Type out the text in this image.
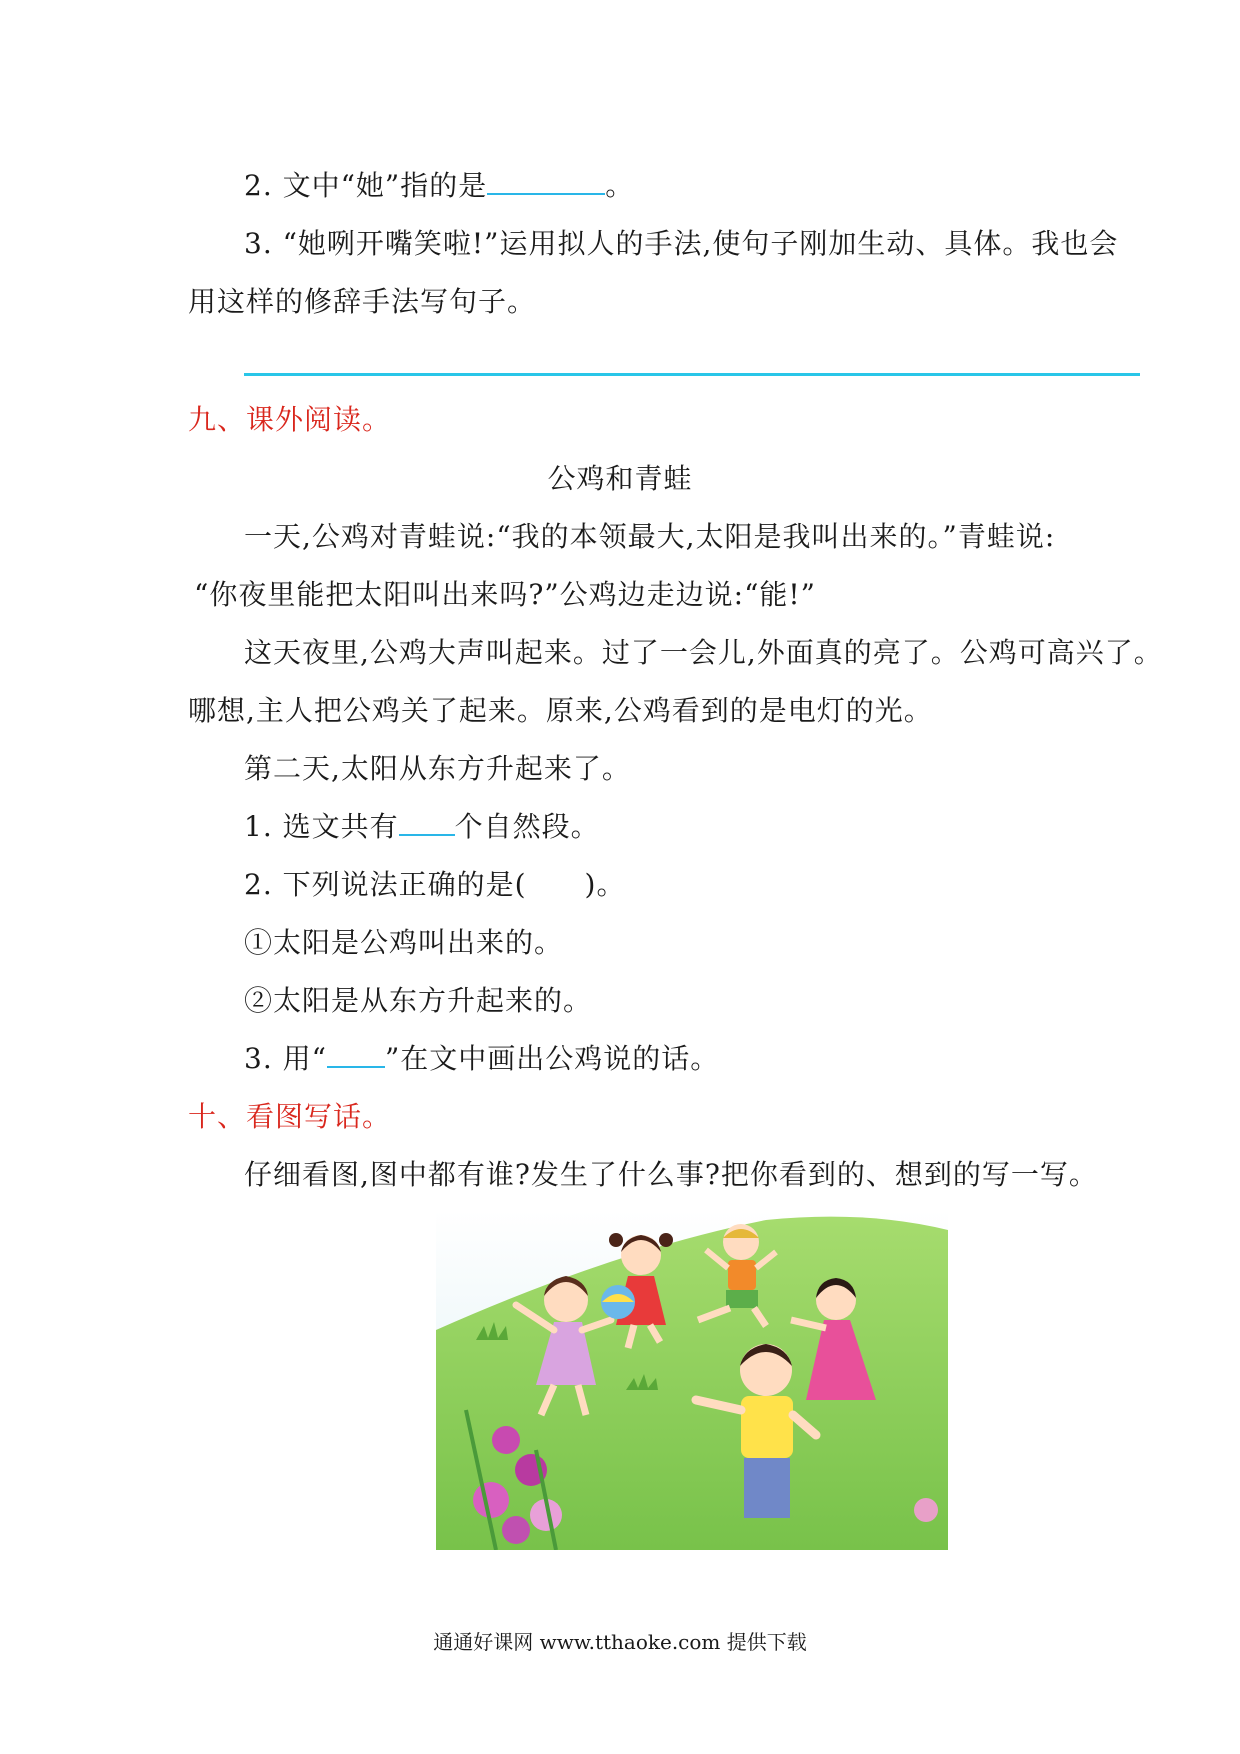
2. 文中“她”指的是	。
3. “她咧开嘴笑啦!”运用拟人的手法,使句子刚加生动、具体。我也会
用这样的修辞手法写句子。
九、课外阅读。
公鸡和青蛙
一天,公鸡对青蛙说:“我的本领最大,太阳是我叫出来的。”青蛙说:
“你夜里能把太阳叫出来吗?”公鸡边走边说:“能!”
这天夜里,公鸡大声叫起来。过了一会儿,外面真的亮了。公鸡可高兴了。
哪想,主人把公鸡关了起来。原来,公鸡看到的是电灯的光。
第二天,太阳从东方升起来了。
1. 选文共有 个自然段。
2. 下列说法正确的是(　　)。
①太阳是公鸡叫出来的。
②太阳是从东方升起来的。
3. 用“ ”在文中画出公鸡说的话。
十、看图写话。
仔细看图,图中都有谁?发生了什么事?把你看到的、想到的写一写。
通通好课网 www.tthaoke.com 提供下载
